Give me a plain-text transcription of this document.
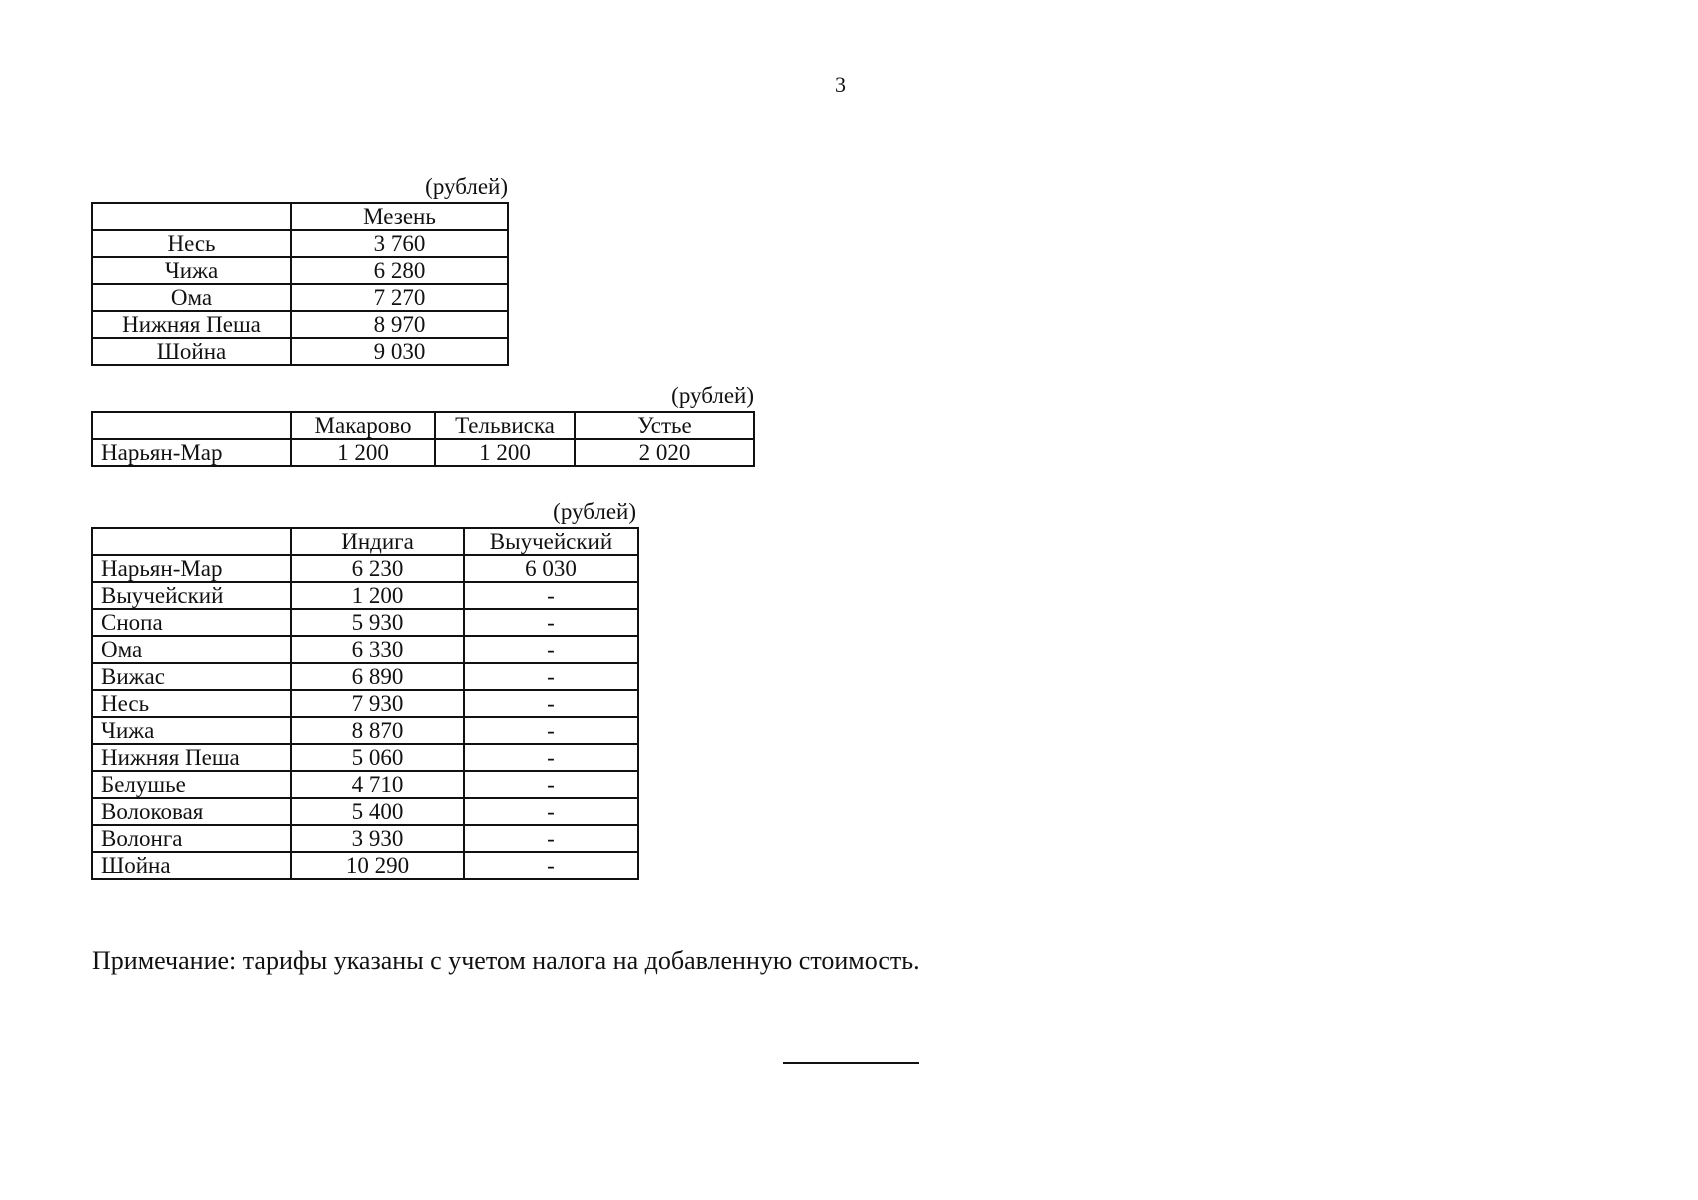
3
(рублей)
	Мезень
Несь	3 760
Чижа	6 280
Ома	7 270
Нижняя Пеша	8 970
Шойна	9 030
(рублей)
	Макарово	Тельвиска	Устье
Нарьян-Мар	1 200	1 200	2 020
(рублей)
	Индига	Выучейский
Нарьян-Мар	6 230	6 030
Выучейский	1 200	-
Снопа	5 930	-
Ома	6 330	-
Вижас	6 890	-
Несь	7 930	-
Чижа	8 870	-
Нижняя Пеша	5 060	-
Белушье	4 710	-
Волоковая	5 400	-
Волонга	3 930	-
Шойна	10 290	-
Примечание: тарифы указаны с учетом налога на добавленную стоимость.
